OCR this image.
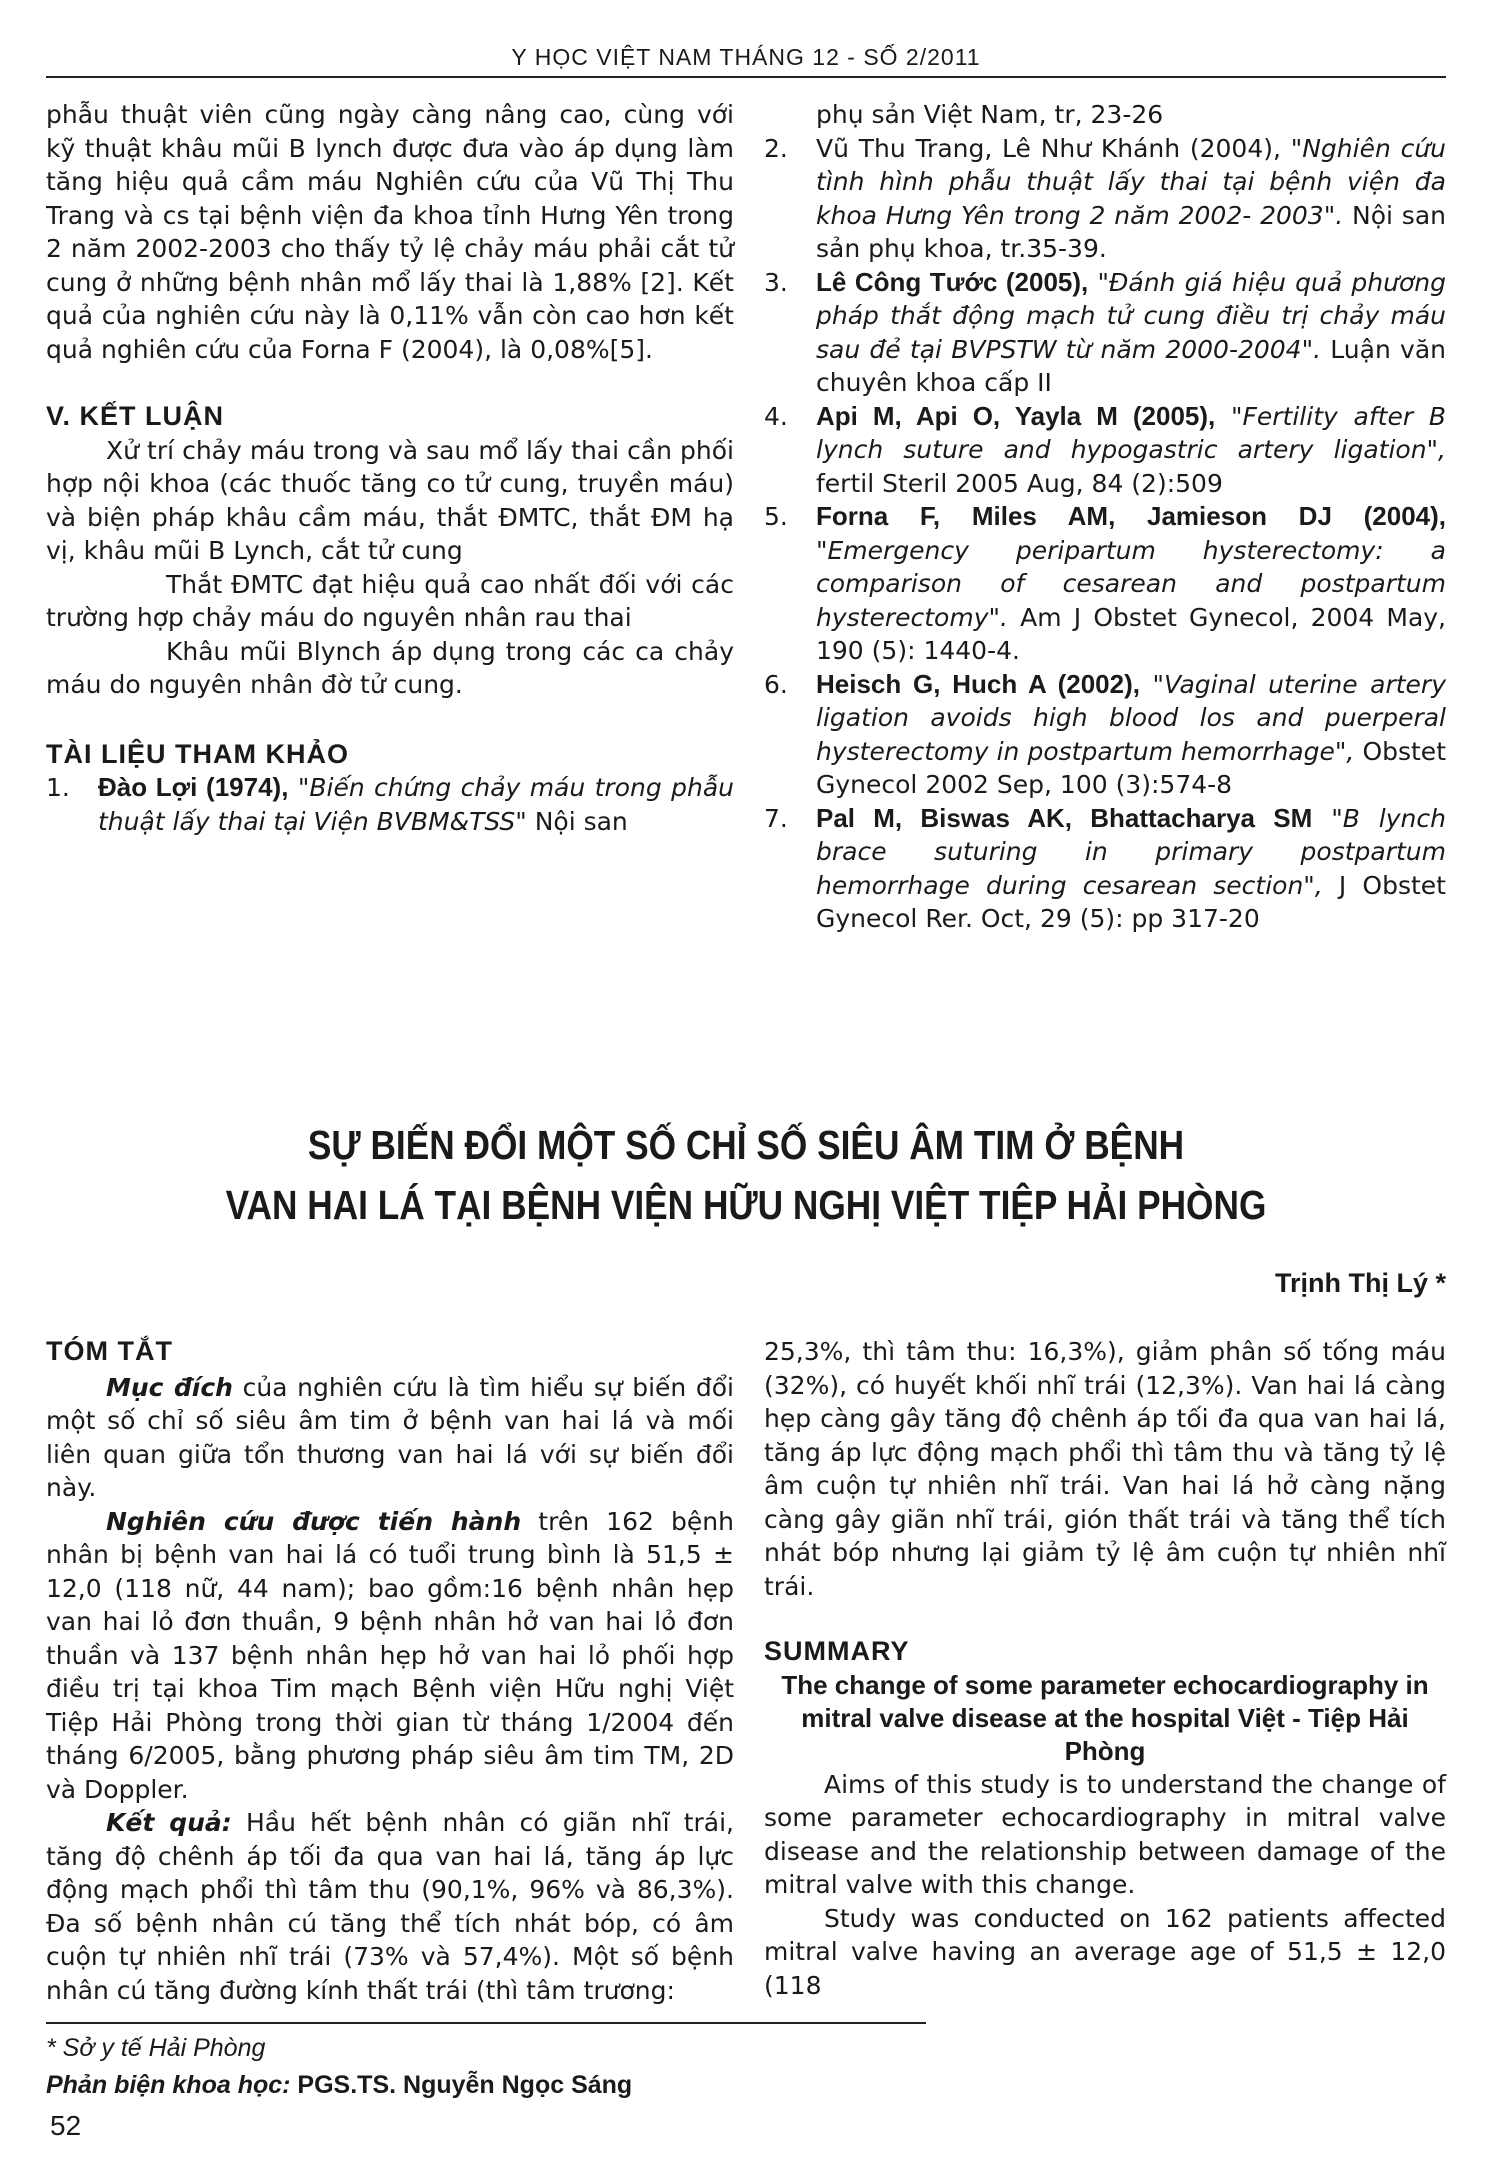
Y HỌC VIỆT NAM THÁNG 12 - SỐ 2/2011

phẫu thuật viên cũng ngày càng nâng cao, cùng với kỹ thuật khâu mũi B lynch được đưa vào áp dụng làm tăng hiệu quả cầm máu Nghiên cứu của Vũ Thị Thu Trang và cs tại bệnh viện đa khoa tỉnh Hưng Yên trong 2 năm 2002-2003 cho thấy tỷ lệ chảy máu phải cắt tử cung ở những bệnh nhân mổ lấy thai là 1,88% [2]. Kết quả của nghiên cứu này là 0,11% vẫn còn cao hơn kết quả nghiên cứu của Forna F (2004), là 0,08%[5].

V. KẾT LUẬN

Xử trí chảy máu trong và sau mổ lấy thai cần phối hợp nội khoa (các thuốc tăng co tử cung, truyền máu) và biện pháp khâu cầm máu, thắt ĐMTC, thắt ĐM hạ vị, khâu mũi B Lynch, cắt tử cung

Thắt ĐMTC đạt hiệu quả cao nhất đối với các trường hợp chảy máu do nguyên nhân rau thai

Khâu mũi Blynch áp dụng trong các ca chảy máu do nguyên nhân đờ tử cung.

TÀI LIỆU THAM KHẢO

1. Đào Lợi (1974), "Biến chứng chảy máu trong phẫu thuật lấy thai tại Viện BVBM&TSS" Nội san

phụ sản Việt Nam, tr, 23-26

2. Vũ Thu Trang, Lê Như Khánh (2004), "Nghiên cứu tình hình phẫu thuật lấy thai tại bệnh viện đa khoa Hưng Yên trong 2 năm 2002- 2003". Nội san sản phụ khoa, tr.35-39.
3. Lê Công Tước (2005), "Đánh giá hiệu quả phương pháp thắt động mạch tử cung điều trị chảy máu sau đẻ tại BVPSTW từ năm 2000-2004". Luận văn chuyên khoa cấp II
4. Api M, Api O, Yayla M (2005), "Fertility after B lynch suture and hypogastric artery ligation", fertil Steril 2005 Aug, 84 (2):509
5. Forna F, Miles AM, Jamieson DJ (2004), "Emergency peripartum hysterectomy: a comparison of cesarean and postpartum hysterectomy". Am J Obstet Gynecol, 2004 May, 190 (5): 1440-4.
6. Heisch G, Huch A (2002), "Vaginal uterine artery ligation avoids high blood los and puerperal hysterectomy in postpartum hemorrhage", Obstet Gynecol 2002 Sep, 100 (3):574-8
7. Pal M, Biswas AK, Bhattacharya SM "B lynch brace suturing in primary postpartum hemorrhage during cesarean section", J Obstet Gynecol Rer. Oct, 29 (5): pp 317-20
SỰ BIẾN ĐỔI MỘT SỐ CHỈ SỐ SIÊU ÂM TIM Ở BỆNH
VAN HAI LÁ TẠI BỆNH VIỆN HỮU NGHỊ VIỆT TIỆP HẢI PHÒNG
Trịnh Thị Lý *

TÓM TẮT

Mục đích của nghiên cứu là tìm hiểu sự biến đổi một số chỉ số siêu âm tim ở bệnh van hai lá và mối liên quan giữa tổn thương van hai lá với sự biến đổi này.

Nghiên cứu được tiến hành trên 162 bệnh nhân bị bệnh van hai lá có tuổi trung bình là 51,5 ± 12,0 (118 nữ, 44 nam); bao gồm:16 bệnh nhân hẹp van hai lỏ đơn thuần, 9 bệnh nhân hở van hai lỏ đơn thuần và 137 bệnh nhân hẹp hở van hai lỏ phối hợp điều trị tại khoa Tim mạch Bệnh viện Hữu nghị Việt Tiệp Hải Phòng trong thời gian từ tháng 1/2004 đến tháng 6/2005, bằng phương pháp siêu âm tim TM, 2D và Doppler.

Kết quả: Hầu hết bệnh nhân có giãn nhĩ trái, tăng độ chênh áp tối đa qua van hai lá, tăng áp lực động mạch phổi thì tâm thu (90,1%, 96% và 86,3%). Đa số bệnh nhân cú tăng thể tích nhát bóp, có âm cuộn tự nhiên nhĩ trái (73% và 57,4%). Một số bệnh nhân cú tăng đường kính thất trái (thì tâm trương:

25,3%, thì tâm thu: 16,3%), giảm phân số tống máu (32%), có huyết khối nhĩ trái (12,3%). Van hai lá càng hẹp càng gây tăng độ chênh áp tối đa qua van hai lá, tăng áp lực động mạch phổi thì tâm thu và tăng tỷ lệ âm cuộn tự nhiên nhĩ trái. Van hai lá hở càng nặng càng gây giãn nhĩ trái, gión thất trái và tăng thể tích nhát bóp nhưng lại giảm tỷ lệ âm cuộn tự nhiên nhĩ trái.

SUMMARY

The change of some parameter echocardiography in mitral valve disease at the hospital Việt - Tiệp Hải Phòng

Aims of this study is to understand the change of some parameter echocardiography in mitral valve disease and the relationship between damage of the mitral valve with this change.

Study was conducted on 162 patients affected mitral valve having an average age of 51,5 ± 12,0 (118

* Sở y tế Hải Phòng
Phản biện khoa học: PGS.TS. Nguyễn Ngọc Sáng
52
